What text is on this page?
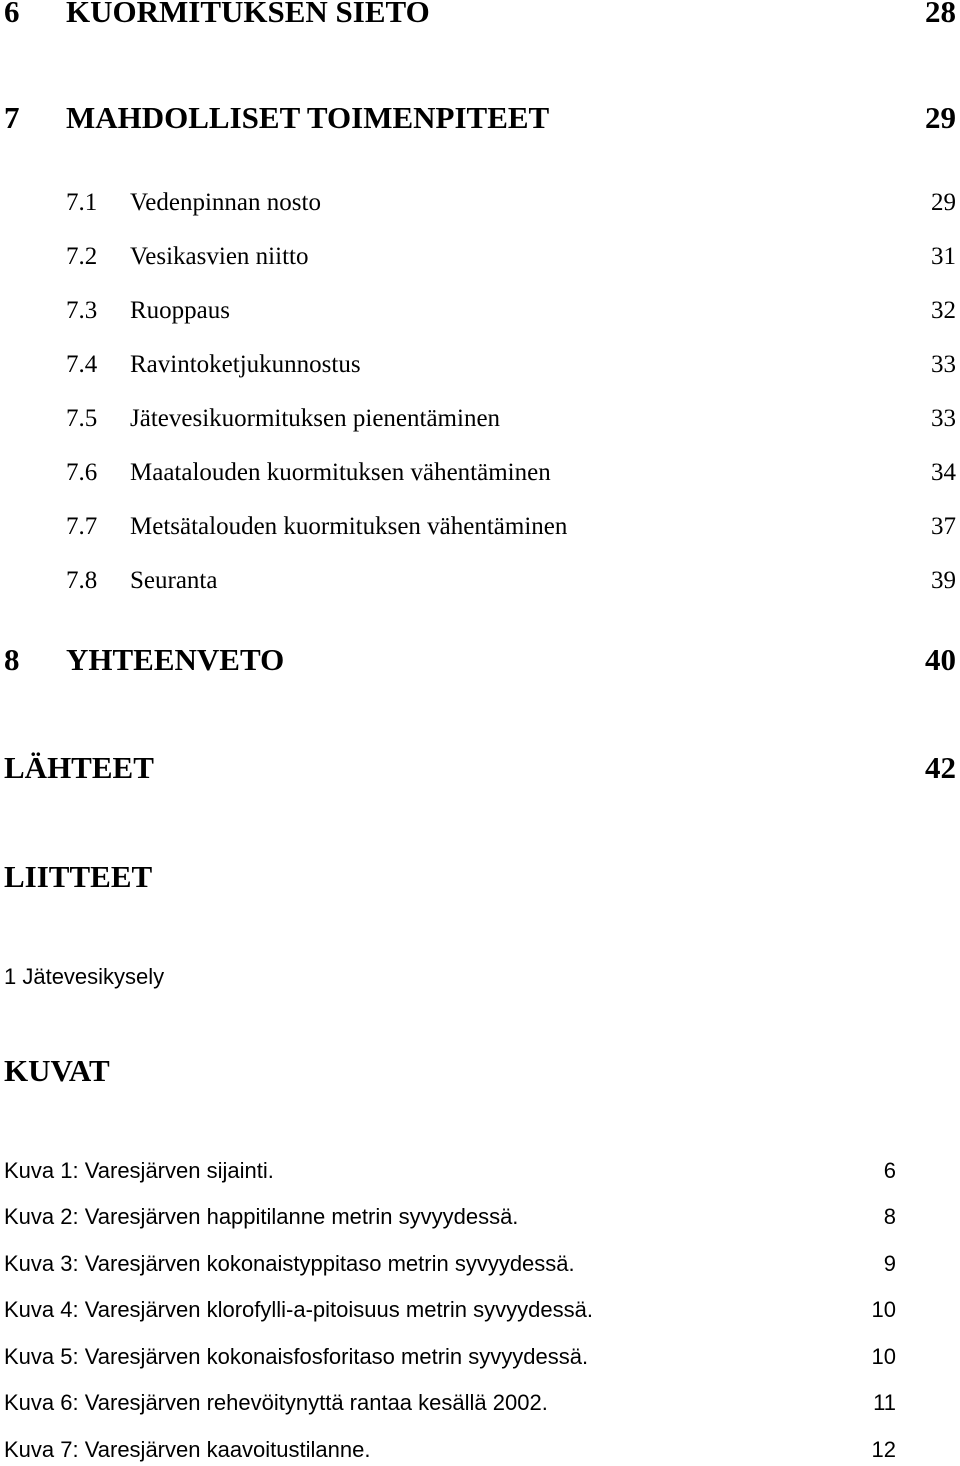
6 KUORMITUKSEN SIETO	28
7 MAHDOLLISET TOIMENPITEET	29
7.1 Vedenpinnan nosto	29
7.2 Vesikasvien niitto	31
7.3 Ruoppaus	32
7.4 Ravintoketjukunnostus	33
7.5 Jätevesikuormituksen pienentäminen	33
7.6 Maatalouden kuormituksen vähentäminen	34
7.7 Metsätalouden kuormituksen vähentäminen	37
7.8 Seuranta	39
8 YHTEENVETO	40
LÄHTEET	42
LIITTEET
1 Jätevesikysely
KUVAT
Kuva 1: Varesjärven sijainti.	6
Kuva 2: Varesjärven happitilanne metrin syvyydessä.	8
Kuva 3: Varesjärven kokonaistyppitaso metrin syvyydessä.	9
Kuva 4: Varesjärven klorofylli-a-pitoisuus metrin syvyydessä.	10
Kuva 5: Varesjärven kokonaisfosforitaso metrin syvyydessä.	10
Kuva 6: Varesjärven rehevöitynyttä rantaa kesällä 2002.	11
Kuva 7: Varesjärven kaavoitustilanne.	12
